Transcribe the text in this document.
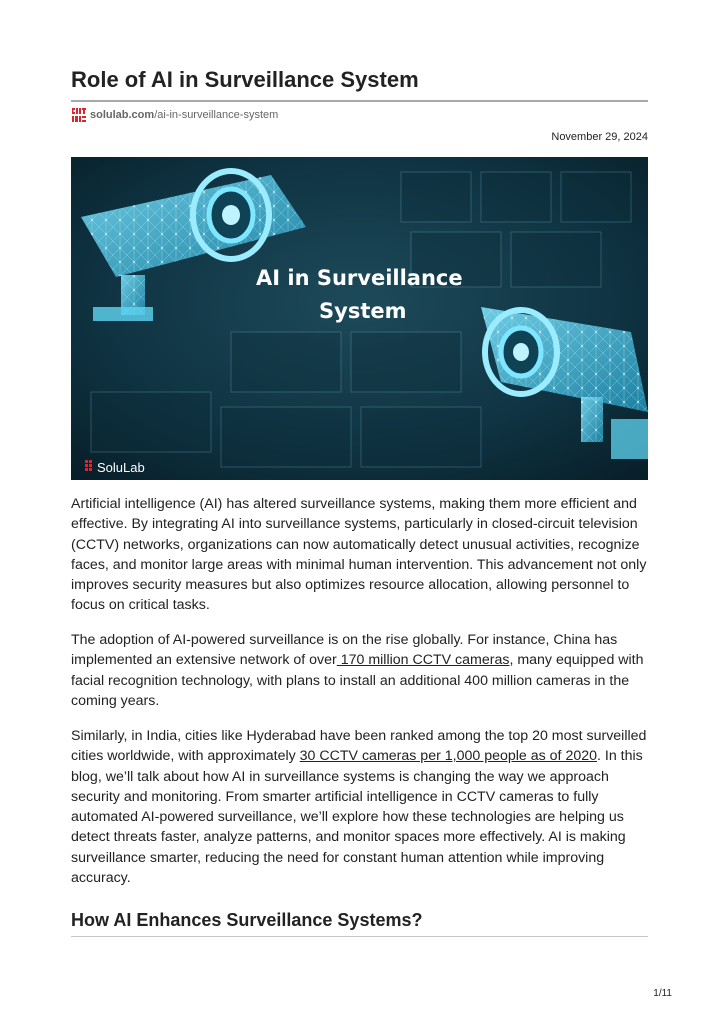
Role of AI in Surveillance System
solulab.com /ai-in-surveillance-system
November 29, 2024
AI in Surveillance
System
SoluLab

Artificial intelligence (AI) has altered surveillance systems, making them more efficient and effective. By integrating AI into surveillance systems, particularly in closed-circuit television (CCTV) networks, organizations can now automatically detect unusual activities, recognize faces, and monitor large areas with minimal human intervention. This advancement not only improves security measures but also optimizes resource allocation, allowing personnel to focus on critical tasks.

The adoption of AI-powered surveillance is on the rise globally. For instance, China has implemented an extensive network of over 170 million CCTV cameras, many equipped with facial recognition technology, with plans to install an additional 400 million cameras in the coming years.

Similarly, in India, cities like Hyderabad have been ranked among the top 20 most surveilled cities worldwide, with approximately 30 CCTV cameras per 1,000 people as of 2020. In this blog, we’ll talk about how AI in surveillance systems is changing the way we approach security and monitoring. From smarter artificial intelligence in CCTV cameras to fully automated AI-powered surveillance, we’ll explore how these technologies are helping us detect threats faster, analyze patterns, and monitor spaces more effectively. AI is making surveillance smarter, reducing the need for constant human attention while improving accuracy.

How AI Enhances Surveillance Systems?
1/11
